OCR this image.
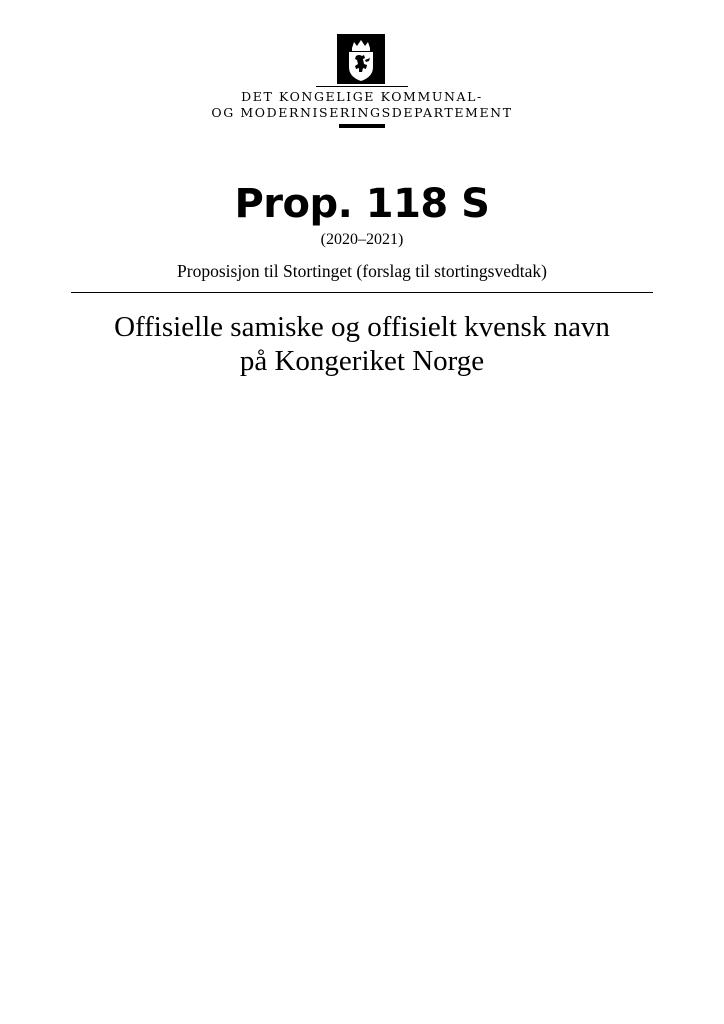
DET KONGELIGE KOMMUNAL-
OG MODERNISERINGSDEPARTEMENT
Prop. 118 S
(2020–2021)
Proposisjon til Stortinget (forslag til stortingsvedtak)
Offisielle samiske og offisielt kvensk navn
på Kongeriket Norge
